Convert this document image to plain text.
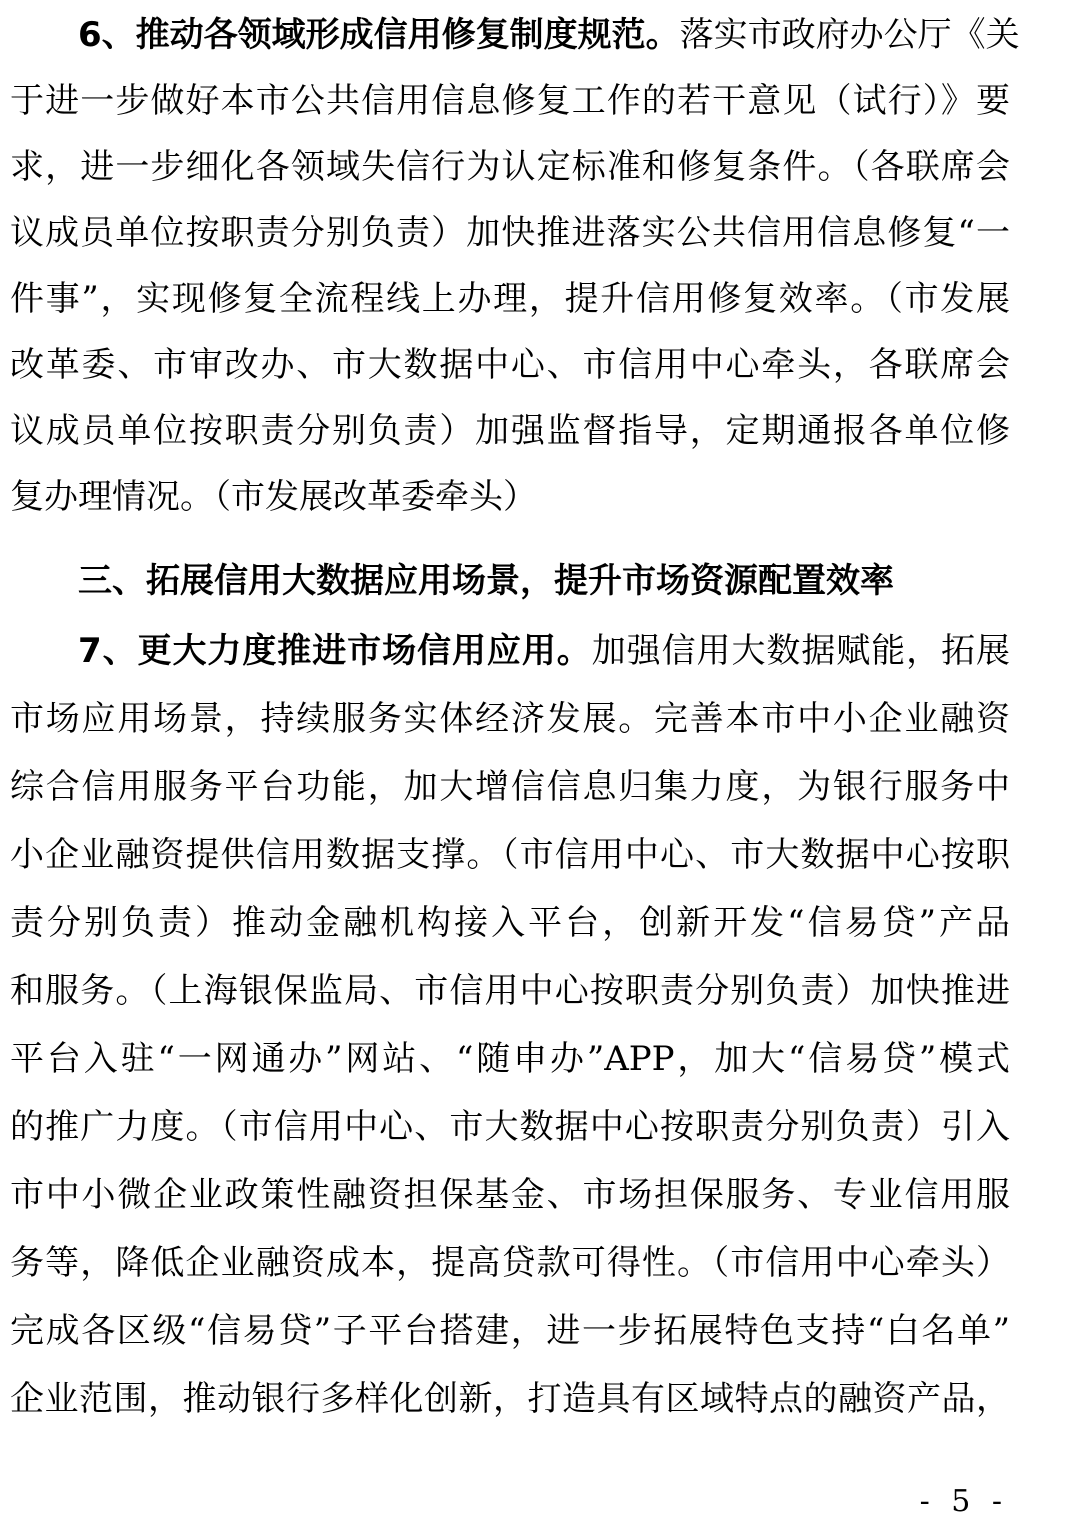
6、推动各领域形成信用修复制度规范。落实市政府办公厅《关
于进一步做好本市公共信用信息修复工作的若干意见（试行）》要
求，进一步细化各领域失信行为认定标准和修复条件。（各联席会
议成员单位按职责分别负责）加快推进落实公共信用信息修复“一
件事”，实现修复全流程线上办理，提升信用修复效率。（市发展
改革委、市审改办、市大数据中心、市信用中心牵头，各联席会
议成员单位按职责分别负责）加强监督指导，定期通报各单位修
复办理情况。（市发展改革委牵头）
三、拓展信用大数据应用场景，提升市场资源配置效率
7、更大力度推进市场信用应用。加强信用大数据赋能，拓展
市场应用场景，持续服务实体经济发展。完善本市中小企业融资
综合信用服务平台功能，加大增信信息归集力度，为银行服务中
小企业融资提供信用数据支撑。（市信用中心、市大数据中心按职
责分别负责）推动金融机构接入平台，创新开发“信易贷”产品
和服务。（上海银保监局、市信用中心按职责分别负责）加快推进
平台入驻“一网通办”网站、“随申办”APP，加大“信易贷”模式
的推广力度。（市信用中心、市大数据中心按职责分别负责）引入
市中小微企业政策性融资担保基金、市场担保服务、专业信用服
务等，降低企业融资成本，提高贷款可得性。（市信用中心牵头）
完成各区级“信易贷”子平台搭建，进一步拓展特色支持“白名单”
企业范围，推动银行多样化创新，打造具有区域特点的融资产品，
- 5 -
